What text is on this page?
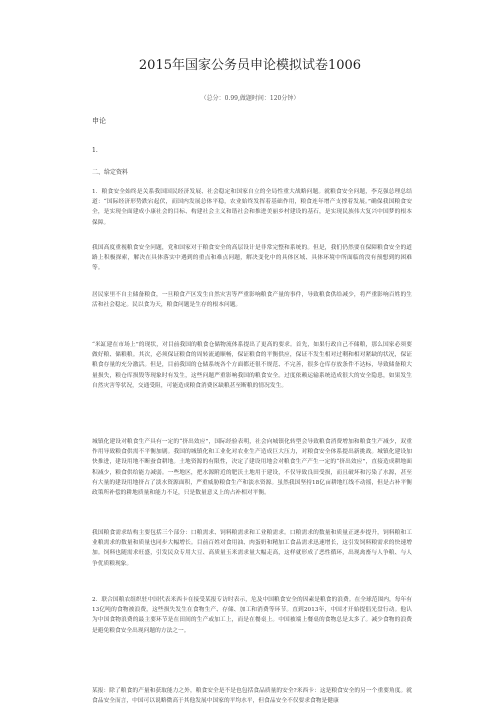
2015年国家公务员申论模拟试卷1006
（总分：0.99,做题时间：120分钟）
申论
1.
二、给定资料

1．粮食安全始终是关系我国国民经济发展、社会稳定和国家自立的全局性重大战略问题。就粮食安全问题，李克强总理总结道：“国际经济形势跌宕起伏，而国内发展总体平稳，农业始终发挥着基础作用，粮食连年增产支撑着发展。”确保我国粮食安全，是实现全面建成小康社会的目标、构建社会主义和谐社会和推进美丽乡村建设的基石，是实现民族伟大复兴中国梦的根本保障。

我国高度重视粮食安全问题，党和国家对于粮食安全的高层设计是非常完整和系统的。但是，我们仍然要在保障粮食安全的道路上积极探索，解决在具体落实中遇到的重点和难点问题，解决变化中的具体区域、具体环境中所面临的没有预想到的困难等。

居民家里不自主储备粮食，一旦粮食产区发生自然灾害等严重影响粮食产量的事件，导致粮食供给减少，将严重影响百姓的生活和社会稳定。民以食为天，粮食问题是生存的根本问题。

“米缸建在市场上”的现状，对目前我国的粮食仓储物流体系提出了更高的要求。首先，如果行政自己不储粮，那么国家必须要做好粮、储粮粮。其次，必须保证粮食的周转流通顺畅，保证粮食的平衡供应，保证不发生相对过剩和相对紧缺的状况，保证粮食存量的充分激活。但是，目前我国的仓储系统各个方面都还很不规范、不完善，很多仓库存放条件不达标，导致储备粮大量损失，粮仓库损毁等现象时有发生，这些问题严重影响我国的粮食安全。过度依赖运输系统造成很大的安全隐患，如果发生自然灾害等状况，交通受阻，可能造成粮食消费区缺粮甚至断粮的情况发生。

城镇化建设对粮食生产具有一定的“挤出效应”，国际经验表明，社会向城镇化转型会导致粮食消费增加和粮食生产减少，双重作用导致粮食供需不平衡加剧。我国的城镇化和工业化对农业生产造成巨大压力，对粮食安全体系提出新挑战。城镇化建设加快推进，建设用地不断蚕食耕地。土地资源的有限性，决定了建设用地会对粮食生产产生一定的“挤出效应”，直接造成耕地面积减少，粮食供给能力减弱。一些地区，把水源附近的肥沃土地用于建设，不仅导致良田受损，而且破坏和污染了水源，甚至有大量的建设用地挤占了淡水资源面积，严重威胁粮食生产和淡水资源。虽然我国坚持18亿亩耕地红线不动摇，但是占补平衡政策所补偿的耕地质量和能力不足，只是数量意义上的占补相对平衡。

我国粮食需求结构主要包括三个部分：口粮需求、饲料粮需求和工业粮需求。口粮需求的数量和质量正逐步提升，饲料粮和工业粮需求的数量和质量也同步大幅增长。目前百姓对食用油、肉蛋奶和精加工食品需求迅速增长，这引发饲料粮需求的快速增加。饲料也随需求旺盛，引发民众专用大豆、高质量玉米需求量大幅走高，这样就形成了恶性循环，出现禽畜与人争粮、与人争优质粮现象。

2．联合国粮农组织驻中国代表米西卡在接受某报专访时表示，危及中国粮食安全的因素是粮食的浪费。在全球范围内，每年有13亿吨的食物被浪费，这些损失发生在食物生产、存储、加工和消费等环节。直到2013年，中国才开始提倡光盘行动。他认为中国食物浪费的最主要环节是在田间的生产或加工上，而是在餐桌上。中国被端上餐桌的食物总是太多了。减少食物的浪费是避免粮食安全出现问题的方法之一。

某报：除了粮食的产量和获取能力之外，粮食安全是不是也包括食品质量的安全?米西卡：这是粮食安全的另一个重要角度。就食品安全而言，中国可以说略微高于其他发展中国家的平均水平，但食品安全不仅要求食物是健康
